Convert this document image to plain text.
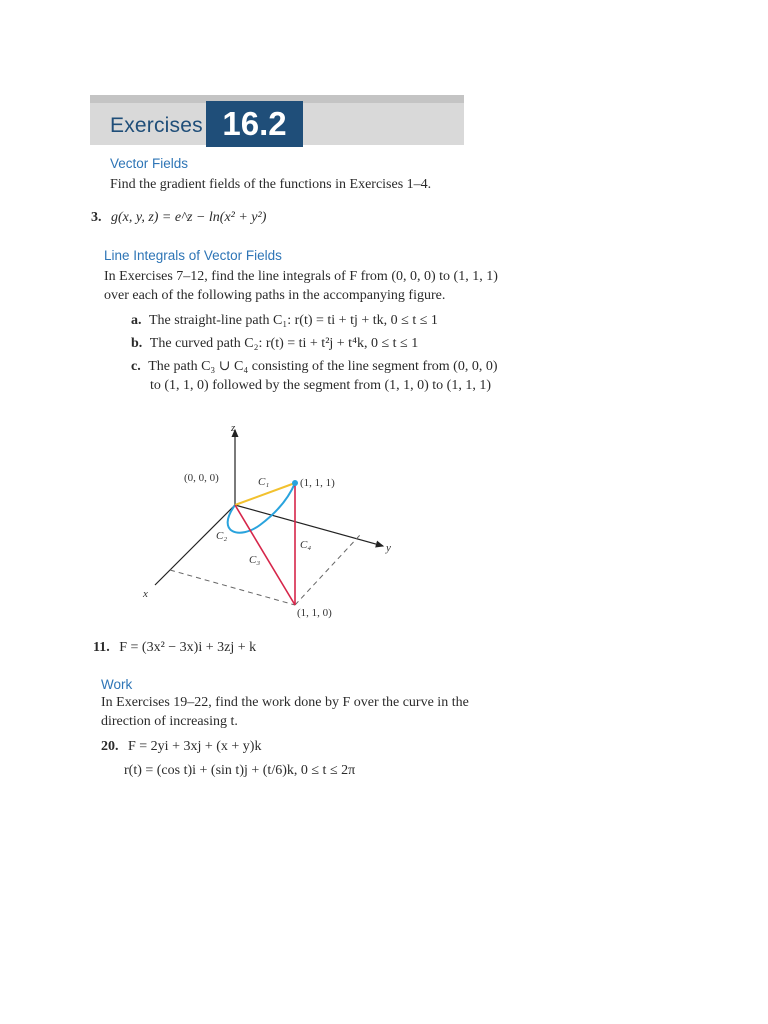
Exercises 16.2
Vector Fields
Find the gradient fields of the functions in Exercises 1–4.
3. g(x, y, z) = e^z − ln(x² + y²)
Line Integrals of Vector Fields
In Exercises 7–12, find the line integrals of F from (0, 0, 0) to (1, 1, 1)
over each of the following paths in the accompanying figure.
a. The straight-line path C₁: r(t) = ti + tj + tk, 0 ≤ t ≤ 1
b. The curved path C₂: r(t) = ti + t²j + t⁴k, 0 ≤ t ≤ 1
c. The path C₃ ∪ C₄ consisting of the line segment from (0, 0, 0)
to (1, 1, 0) followed by the segment from (1, 1, 0) to (1, 1, 1)
z
y
x
(0, 0, 0)	(1, 1, 1)
(1, 1, 0)
C₁
C₂
C₃
C₄
11. F = (3x² − 3x)i + 3zj + k
Work
In Exercises 19–22, find the work done by F over the curve in the
direction of increasing t.
20. F = 2yi + 3xj + (x + y)k
r(t) = (cos t)i + (sin t)j + (t/6)k, 0 ≤ t ≤ 2π
